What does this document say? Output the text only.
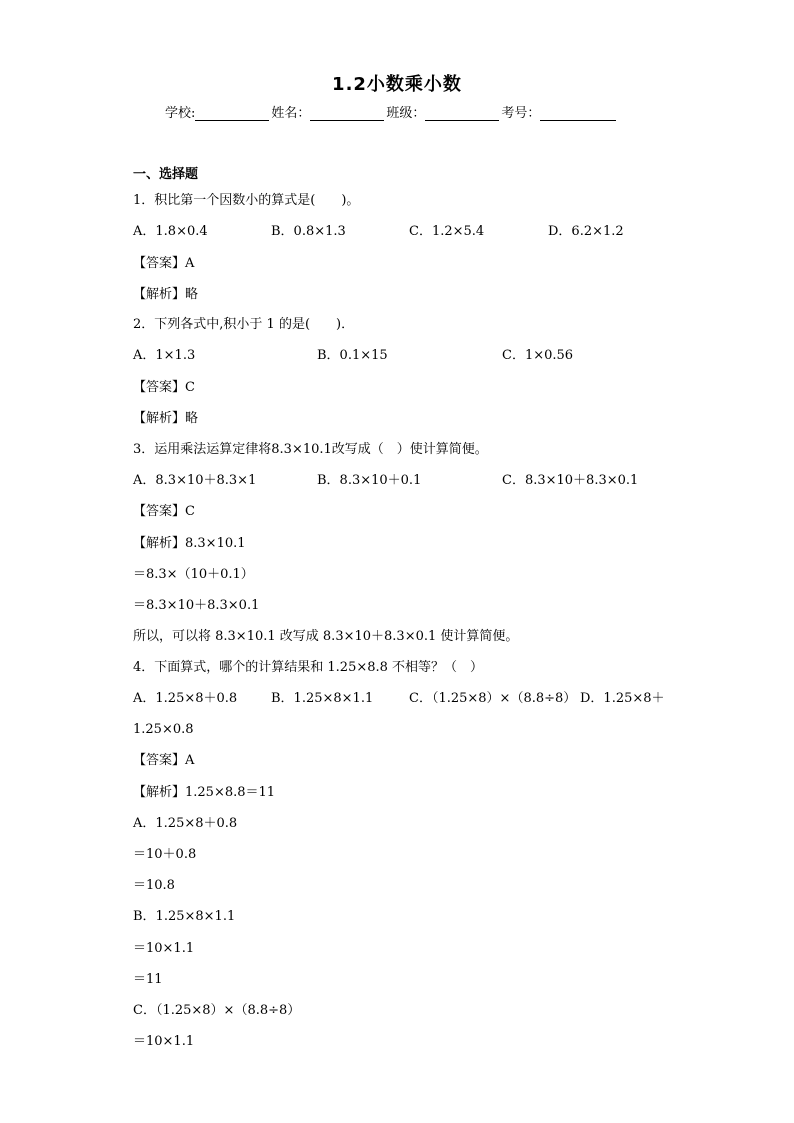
1.2小数乘小数
学校:	姓名：	班级：	考号：
一、选择题
1．积比第一个因数小的算式是(　　)。
A．1.8×0.4	B．0.8×1.3	C．1.2×5.4	D．6.2×1.2
【答案】A
【解析】略
2．下列各式中,积小于 1 的是(　　)．
A．1×1.3	B．0.1×15	C．1×0.56
【答案】C
【解析】略
3．运用乘法运算定律将8.3×10.1改写成（　）使计算简便。
A．8.3×10＋8.3×1	B．8.3×10＋0.1	C．8.3×10＋8.3×0.1
【答案】C
【解析】8.3×10.1
＝8.3×（10＋0.1）
＝8.3×10＋8.3×0.1
所以，可以将 8.3×10.1 改写成 8.3×10＋8.3×0.1 使计算简便。
4．下面算式，哪个的计算结果和 1.25×8.8 不相等？（　）
A．1.25×8＋0.8	B．1.25×8×1.1	C．（1.25×8）×（8.8÷8） D．1.25×8＋
1.25×0.8
【答案】A
【解析】1.25×8.8＝11
A．1.25×8＋0.8
＝10＋0.8
＝10.8
B．1.25×8×1.1
＝10×1.1
＝11
C．（1.25×8）×（8.8÷8）
＝10×1.1
